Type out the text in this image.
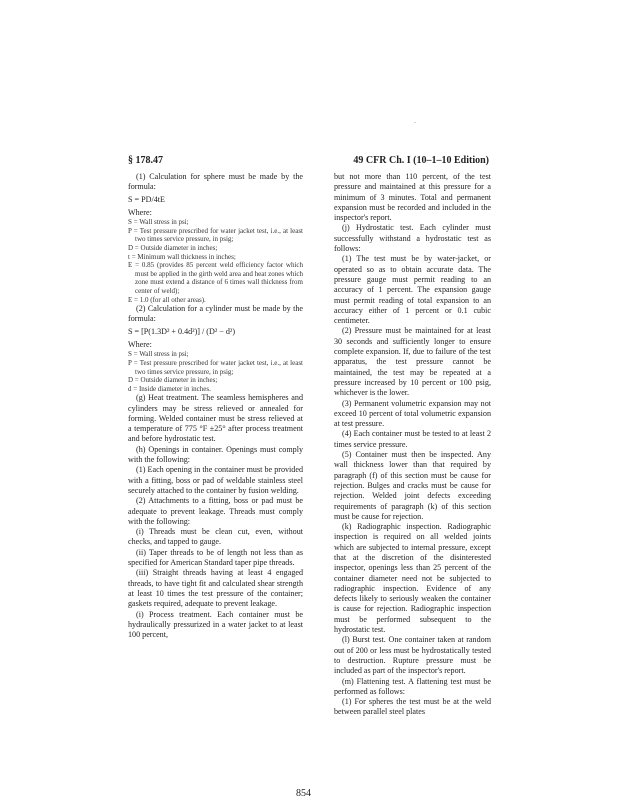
.
§ 178.47	49 CFR Ch. I (10–1–10 Edition)

(1) Calculation for sphere must be made by the formula:

S = PD/4tE

Where:

S = Wall stress in psi;

P = Test pressure prescribed for water jacket test, i.e., at least two times service pressure, in psig;

D = Outside diameter in inches;

t = Minimum wall thickness in inches;

E = 0.85 (provides 85 percent weld efficiency factor which must be applied in the girth weld area and heat zones which zone must extend a distance of 6 times wall thickness from center of weld);

E = 1.0 (for all other areas).

(2) Calculation for a cylinder must be made by the formula:

S = [P(1.3D² + 0.4d²)] / (D² − d²)

Where:

S = Wall stress in psi;

P = Test pressure prescribed for water jacket test, i.e., at least two times service pressure, in psig;

D = Outside diameter in inches;

d = Inside diameter in inches.

(g) Heat treatment. The seamless hemispheres and cylinders may be stress relieved or annealed for forming. Welded container must be stress relieved at a temperature of 775 °F ±25° after process treatment and before hydrostatic test.

(h) Openings in container. Openings must comply with the following:

(1) Each opening in the container must be provided with a fitting, boss or pad of weldable stainless steel securely attached to the container by fusion welding.

(2) Attachments to a fitting, boss or pad must be adequate to prevent leakage. Threads must comply with the following:

(i) Threads must be clean cut, even, without checks, and tapped to gauge.

(ii) Taper threads to be of length not less than as specified for American Standard taper pipe threads.

(iii) Straight threads having at least 4 engaged threads, to have tight fit and calculated shear strength at least 10 times the test pressure of the container; gaskets required, adequate to prevent leakage.

(i) Process treatment. Each container must be hydraulically pressurized in a water jacket to at least 100 percent,

but not more than 110 percent, of the test pressure and maintained at this pressure for a minimum of 3 minutes. Total and permanent expansion must be recorded and included in the inspector's report.

(j) Hydrostatic test. Each cylinder must successfully withstand a hydrostatic test as follows:

(1) The test must be by water-jacket, or operated so as to obtain accurate data. The pressure gauge must permit reading to an accuracy of 1 percent. The expansion gauge must permit reading of total expansion to an accuracy either of 1 percent or 0.1 cubic centimeter.

(2) Pressure must be maintained for at least 30 seconds and sufficiently longer to ensure complete expansion. If, due to failure of the test apparatus, the test pressure cannot be maintained, the test may be repeated at a pressure increased by 10 percent or 100 psig, whichever is the lower.

(3) Permanent volumetric expansion may not exceed 10 percent of total volumetric expansion at test pressure.

(4) Each container must be tested to at least 2 times service pressure.

(5) Container must then be inspected. Any wall thickness lower than that required by paragraph (f) of this section must be cause for rejection. Bulges and cracks must be cause for rejection. Welded joint defects exceeding requirements of paragraph (k) of this section must be cause for rejection.

(k) Radiographic inspection. Radiographic inspection is required on all welded joints which are subjected to internal pressure, except that at the discretion of the disinterested inspector, openings less than 25 percent of the container diameter need not be subjected to radiographic inspection. Evidence of any defects likely to seriously weaken the container is cause for rejection. Radiographic inspection must be performed subsequent to the hydrostatic test.

(l) Burst test. One container taken at random out of 200 or less must be hydrostatically tested to destruction. Rupture pressure must be included as part of the inspector's report.

(m) Flattening test. A flattening test must be performed as follows:

(1) For spheres the test must be at the weld between parallel steel plates

854
